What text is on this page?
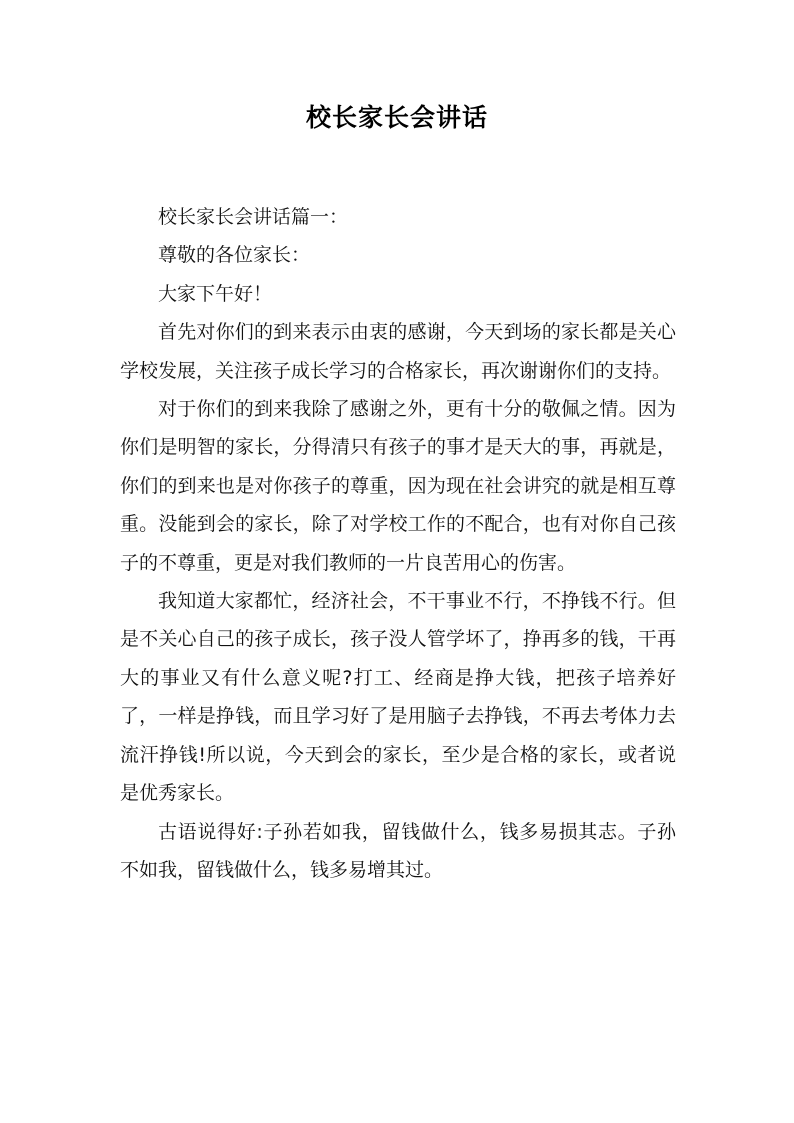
校长家长会讲话

校长家长会讲话篇一：

尊敬的各位家长：

大家下午好！

首先对你们的到来表示由衷的感谢，今天到场的家长都是关心学校发展，关注孩子成长学习的合格家长，再次谢谢你们的支持。

对于你们的到来我除了感谢之外，更有十分的敬佩之情。因为你们是明智的家长，分得清只有孩子的事才是天大的事，再就是，你们的到来也是对你孩子的尊重，因为现在社会讲究的就是相互尊重。没能到会的家长，除了对学校工作的不配合，也有对你自己孩子的不尊重，更是对我们教师的一片良苦用心的伤害。

我知道大家都忙，经济社会，不干事业不行，不挣钱不行。但是不关心自己的孩子成长，孩子没人管学坏了，挣再多的钱，干再大的事业又有什么意义呢?打工、经商是挣大钱，把孩子培养好了，一样是挣钱，而且学习好了是用脑子去挣钱，不再去考体力去流汗挣钱!所以说，今天到会的家长，至少是合格的家长，或者说是优秀家长。

古语说得好:子孙若如我，留钱做什么，钱多易损其志。子孙不如我，留钱做什么，钱多易增其过。
